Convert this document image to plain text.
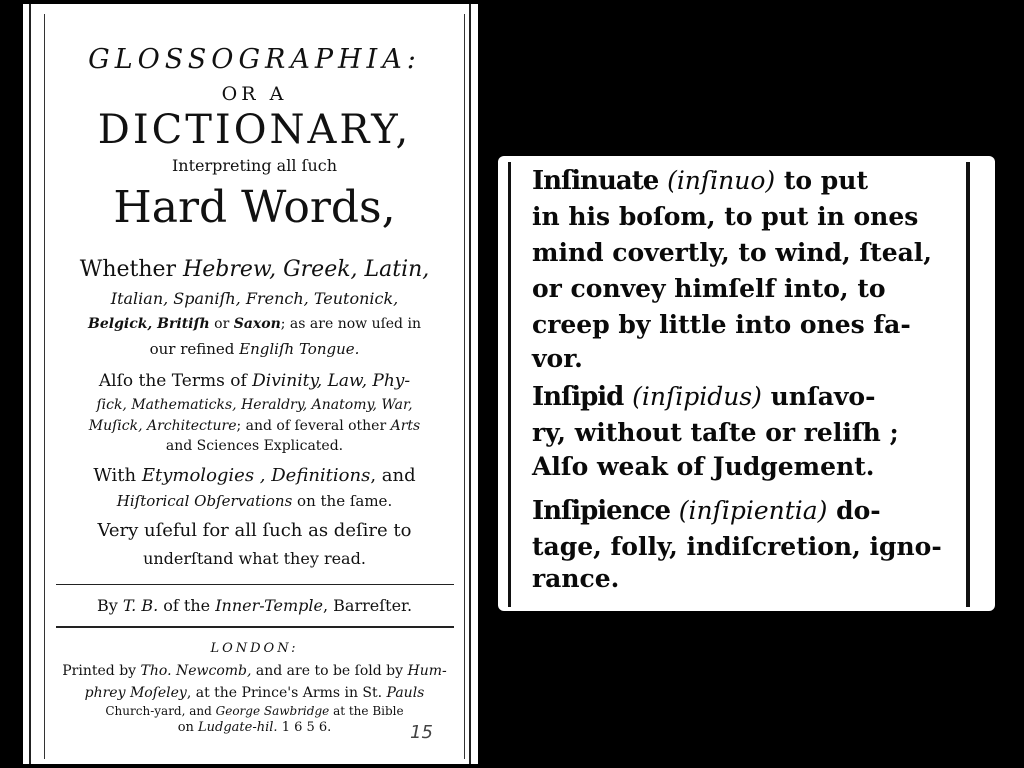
GLOSSOGRAPHIA:
OR A
DICTIONARY,
Interpreting all ſuch
Hard Words,
Whether Hebrew, Greek, Latin,
Italian, Spaniſh, French, Teutonick,
Belgick, Britiſh or Saxon; as are now uſed in
our refined Engliſh Tongue.
Alſo the Terms of Divinity, Law, Phy-
ſick, Mathematicks, Heraldry, Anatomy, War,
Muſick, Architecture; and of ſeveral other Arts
and Sciences Explicated.
With Etymologies , Definitions, and
Hiſtorical Obſervations on the ſame.
Very uſeful for all ſuch as deſire to
underſtand what they read.
By T. B. of the Inner-Temple, Barreſter.
LONDON:
Printed by Tho. Newcomb, and are to be ſold by Hum-
phrey Moſeley, at the Prince's Arms in St. Pauls
Church-yard, and George Sawbridge at the Bible
on Ludgate-hil. 1 6 5 6.	15
Inſinuate (inſinuo) to put
in his boſom, to put in ones
mind covertly, to wind, ſteal,
or convey himſelf into, to
creep by little into ones fa-
vor.
Inſipid (inſipidus) unſavo-
ry, without taſte or reliſh ;
Alſo weak of Judgement.
Inſipience (inſipientia) do-
tage, folly, indiſcretion, igno-
rance.
